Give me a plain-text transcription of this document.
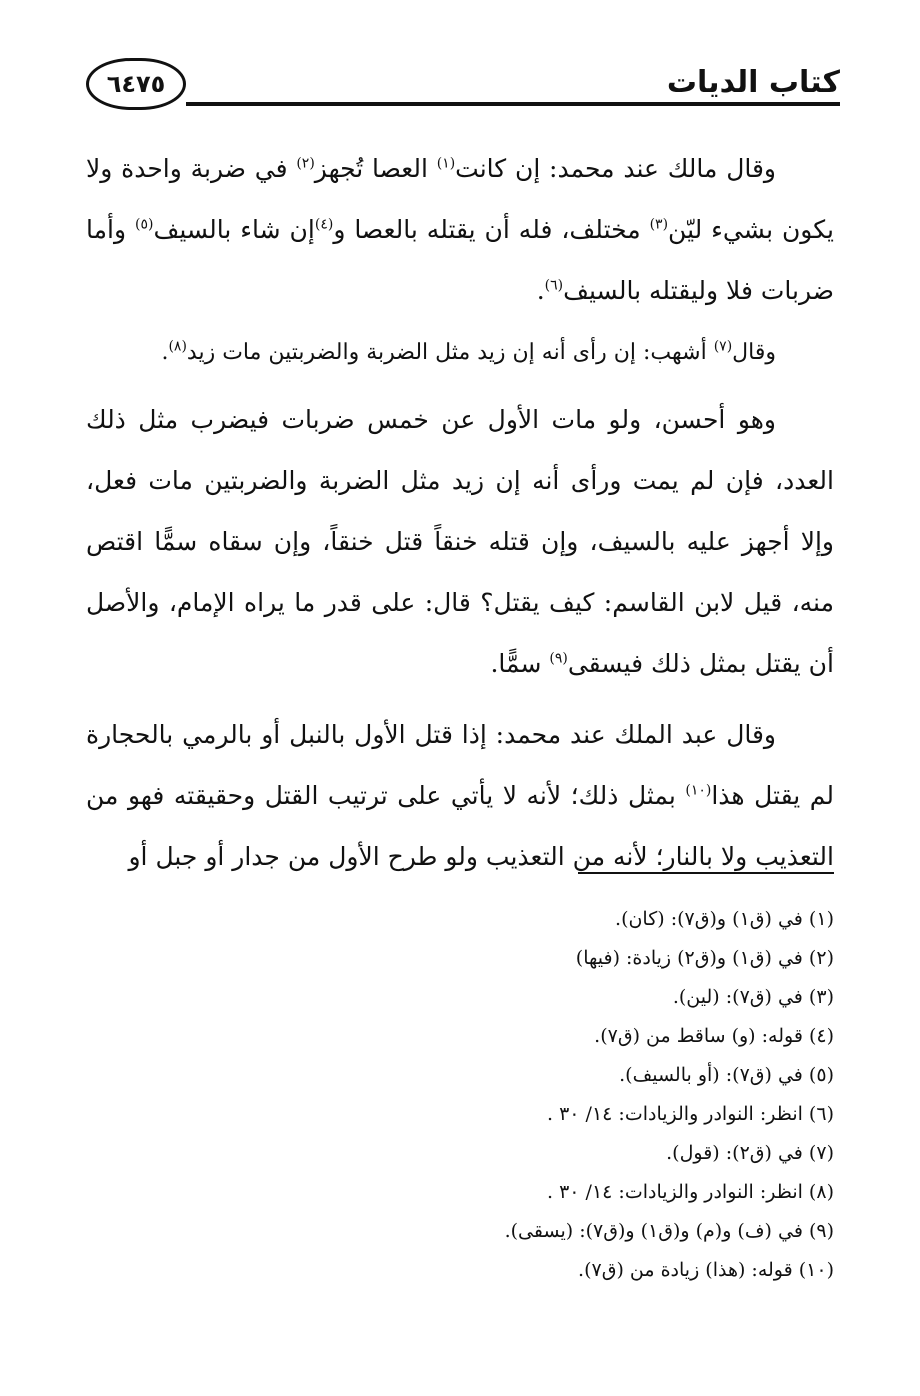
كتاب الديات
٦٤٧٥

وقال مالك عند محمد: إن كانت$^{(١)}$ العصا تُجهز$^{(٢)}$ في ضربة واحدة ولا يكون بشيء ليّن$^{(٣)}$ مختلف، فله أن يقتله بالعصا و$^{(٤)}$إن شاء بالسيف$^{(٥)}$ وأما ضربات فلا وليقتله بالسيف$^{(٦)}$.

وقال$^{(٧)}$ أشهب: إن رأى أنه إن زيد مثل الضربة والضربتين مات زيد$^{(٨)}$.

وهو أحسن، ولو مات الأول عن خمس ضربات فيضرب مثل ذلك العدد، فإن لم يمت ورأى أنه إن زيد مثل الضربة والضربتين مات فعل، وإلا أجهز عليه بالسيف، وإن قتله خنقاً قتل خنقاً، وإن سقاه سمًّا اقتص منه، قيل لابن القاسم: كيف يقتل؟ قال: على قدر ما يراه الإمام، والأصل أن يقتل بمثل ذلك فيسقى$^{(٩)}$ سمًّا.

وقال عبد الملك عند محمد: إذا قتل الأول بالنبل أو بالرمي بالحجارة لم يقتل هذا$^{(١٠)}$ بمثل ذلك؛ لأنه لا يأتي على ترتيب القتل وحقيقته فهو من التعذيب ولا بالنار؛ لأنه من التعذيب ولو طرح الأول من جدار أو جبل أو

(١) في (ق١) و(ق٧): (كان).
(٢) في (ق١) و(ق٢) زيادة: (فيها)
(٣) في (ق٧): (لين).
(٤) قوله: (و) ساقط من (ق٧).
(٥) في (ق٧): (أو بالسيف).
(٦) انظر: النوادر والزيادات: ١٤/ ٣٠ .
(٧) في (ق٢): (قول).
(٨) انظر: النوادر والزيادات: ١٤/ ٣٠ .
(٩) في (ف) و(م) و(ق١) و(ق٧): (يسقى).
(١٠) قوله: (هذا) زيادة من (ق٧).
